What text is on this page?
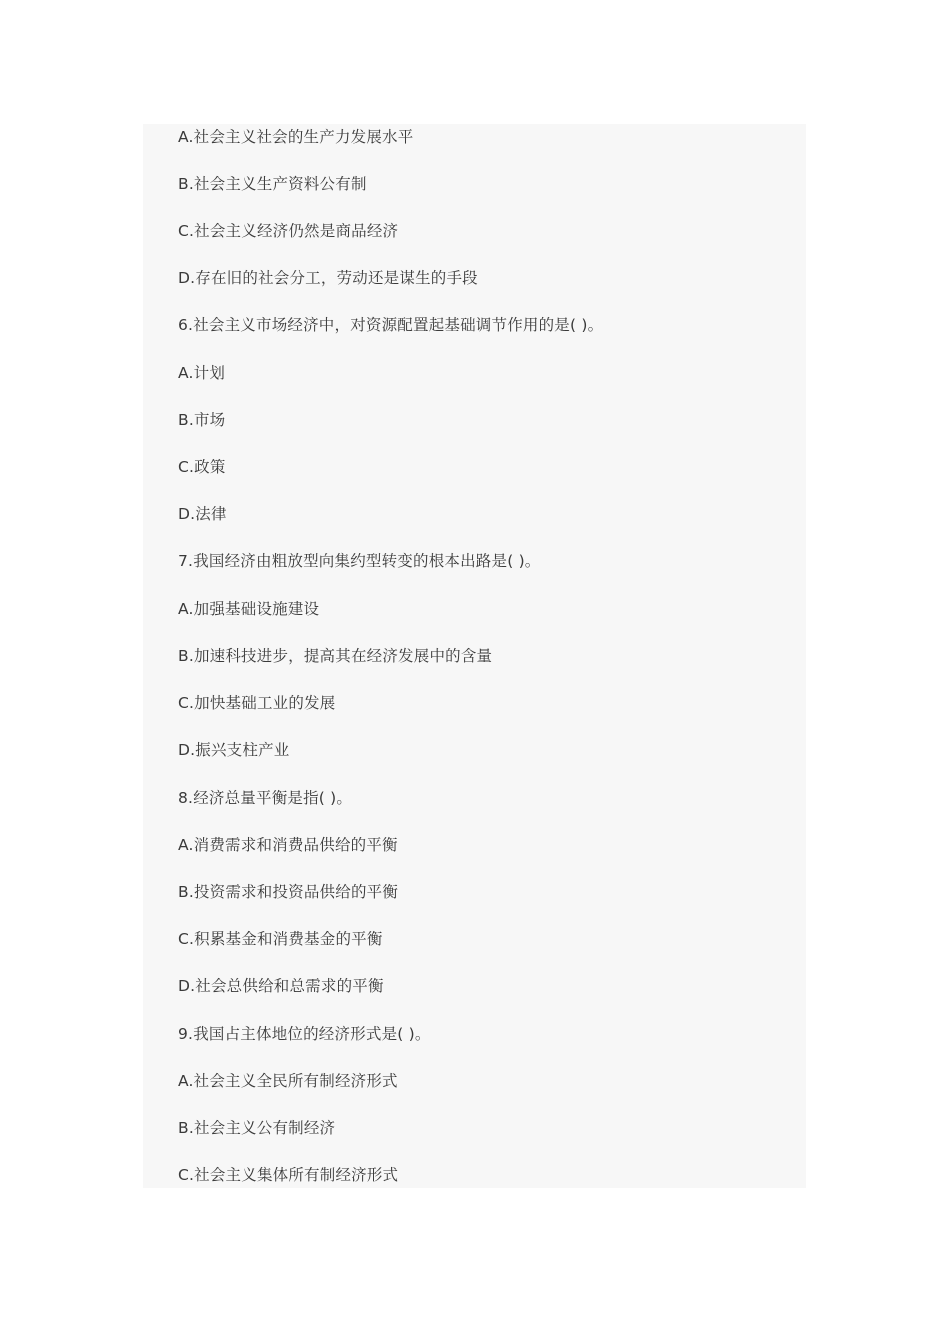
A.社会主义社会的生产力发展水平
B.社会主义生产资料公有制
C.社会主义经济仍然是商品经济
D.存在旧的社会分工，劳动还是谋生的手段
6.社会主义市场经济中，对资源配置起基础调节作用的是( )。
A.计划
B.市场
C.政策
D.法律
7.我国经济由粗放型向集约型转变的根本出路是( )。
A.加强基础设施建设
B.加速科技进步，提高其在经济发展中的含量
C.加快基础工业的发展
D.振兴支柱产业
8.经济总量平衡是指( )。
A.消费需求和消费品供给的平衡
B.投资需求和投资品供给的平衡
C.积累基金和消费基金的平衡
D.社会总供给和总需求的平衡
9.我国占主体地位的经济形式是( )。
A.社会主义全民所有制经济形式
B.社会主义公有制经济
C.社会主义集体所有制经济形式
